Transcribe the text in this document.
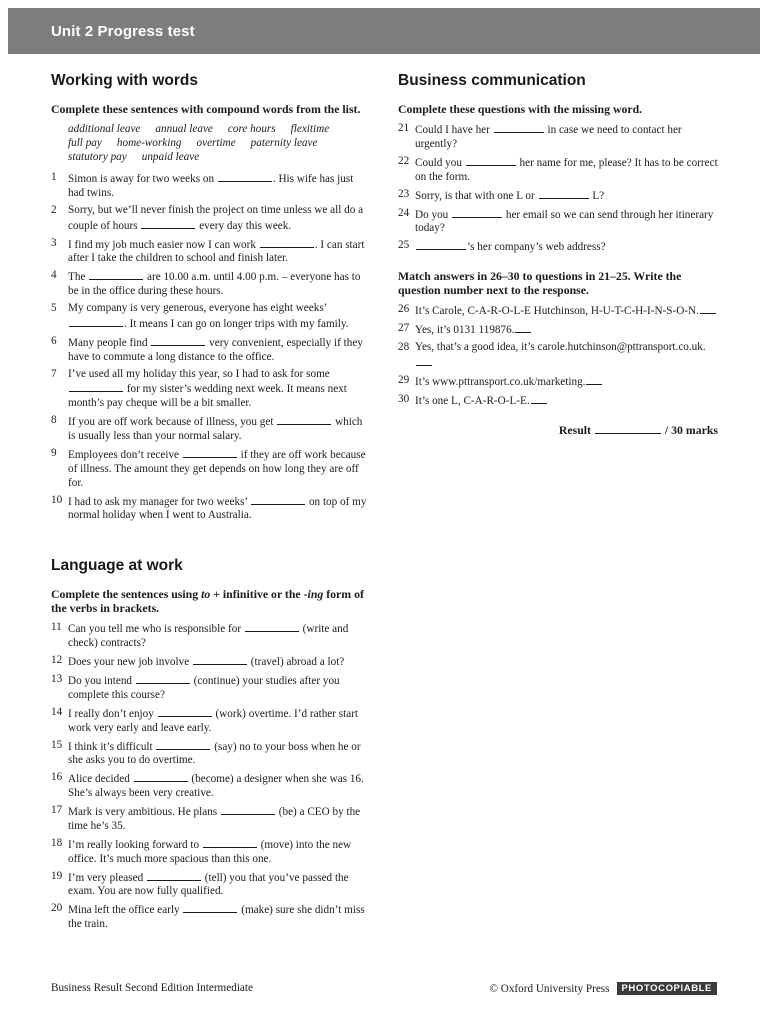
Unit 2 Progress test
Working with words

Complete these sentences with compound words from the list.

additional leave annual leave core hours flexitime
full pay home-working overtime paternity leave
statutory pay unpaid leave
1 Simon is away for two weeks on	. His wife has just had twins.
2 Sorry, but we’ll never finish the project on time unless we all do a couple of hours	every day this week.
3 I find my job much easier now I can work	. I can start after I take the children to school and finish later.
4 The	are 10.00 a.m. until 4.00 p.m. – everyone has to be in the office during these hours.
5 My company is very generous, everyone has eight weeks’ . It means I can go on longer trips with my family.
6 Many people find	very convenient, especially if they have to commute a long distance to the office.
7 I’ve used all my holiday this year, so I had to ask for some  for my sister’s wedding next week. It means next month’s pay cheque will be a bit smaller.
8 If you are off work because of illness, you get	which is usually less than your normal salary.
9 Employees don’t receive	if they are off work because of illness. The amount they get depends on how long they are off for.
10 I had to ask my manager for two weeks’	on top of my normal holiday when I went to Australia.
Language at work

Complete the sentences using to + infinitive or the -ing form of the verbs in brackets.

11 Can you tell me who is responsible for	(write and check) contracts?
12 Does your new job involve	(travel) abroad a lot?
13 Do you intend	(continue) your studies after you complete this course?
14 I really don’t enjoy	(work) overtime. I’d rather start work very early and leave early.
15 I think it’s difficult	(say) no to your boss when he or she asks you to do overtime.
16 Alice decided	(become) a designer when she was 16. She’s always been very creative.
17 Mark is very ambitious. He plans	(be) a CEO by the time he’s 35.
18 I’m really looking forward to	(move) into the new office. It’s much more spacious than this one.
19 I’m very pleased	(tell) you that you’ve passed the exam. You are now fully qualified.
20 Mina left the office early	(make) sure she didn’t miss the train.
Business communication

Complete these questions with the missing word.

21 Could I have her	in case we need to contact her urgently?
22 Could you	her name for me, please? It has to be correct on the form.
23 Sorry, is that with one L or	L?
24 Do you	her email so we can send through her itinerary today?
25	’s her company’s web address?

Match answers in 26–30 to questions in 21–25. Write the question number next to the response.

26 It’s Carole, C-A-R-O-L-E Hutchinson, H-U-T-C-H-I-N-S-O-N.
27 Yes, it’s 0131 119876.
28 Yes, that’s a good idea, it’s carole.hutchinson@pttransport.co.uk.
29 It’s www.pttransport.co.uk/marketing.
30 It’s one L, C-A-R-O-L-E.
Result	/ 30 marks
Business Result Second Edition Intermediate	© Oxford University Press	PHOTOCOPIABLE
